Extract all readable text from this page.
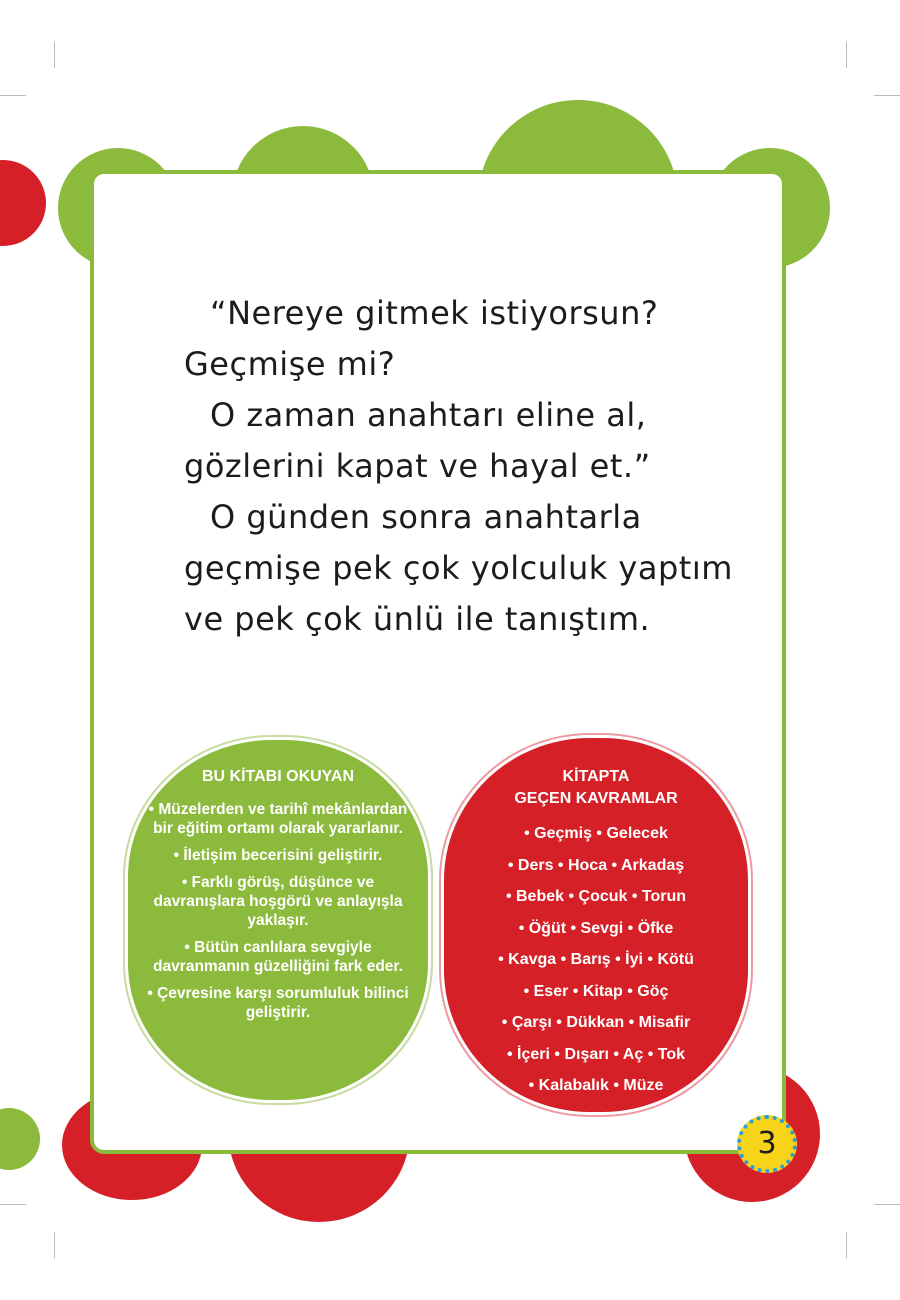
“Nereye gitmek istiyorsun?

Geçmişe mi?

O zaman anahtarı eline al,

gözlerini kapat ve hayal et.”

O günden sonra anahtarla

geçmişe pek çok yolculuk yaptım

ve pek çok ünlü ile tanıştım.

BU KİTABI OKUYAN
• Müzelerden ve tarihî mekânlardan bir eğitim ortamı olarak yararlanır.
• İletişim becerisini geliştirir.
• Farklı görüş, düşünce ve davranışlara hoşgörü ve anlayışla yaklaşır.
• Bütün canlılara sevgiyle davranmanın güzelliğini fark eder.
• Çevresine karşı sorumluluk bilinci geliştirir.
KİTAPTA
GEÇEN KAVRAMLAR
• Geçmiş • Gelecek
• Ders • Hoca • Arkadaş
• Bebek • Çocuk • Torun
• Öğüt • Sevgi • Öfke
• Kavga • Barış • İyi • Kötü
• Eser • Kitap • Göç
• Çarşı • Dükkan • Misafir
• İçeri • Dışarı • Aç • Tok
• Kalabalık • Müze
3
